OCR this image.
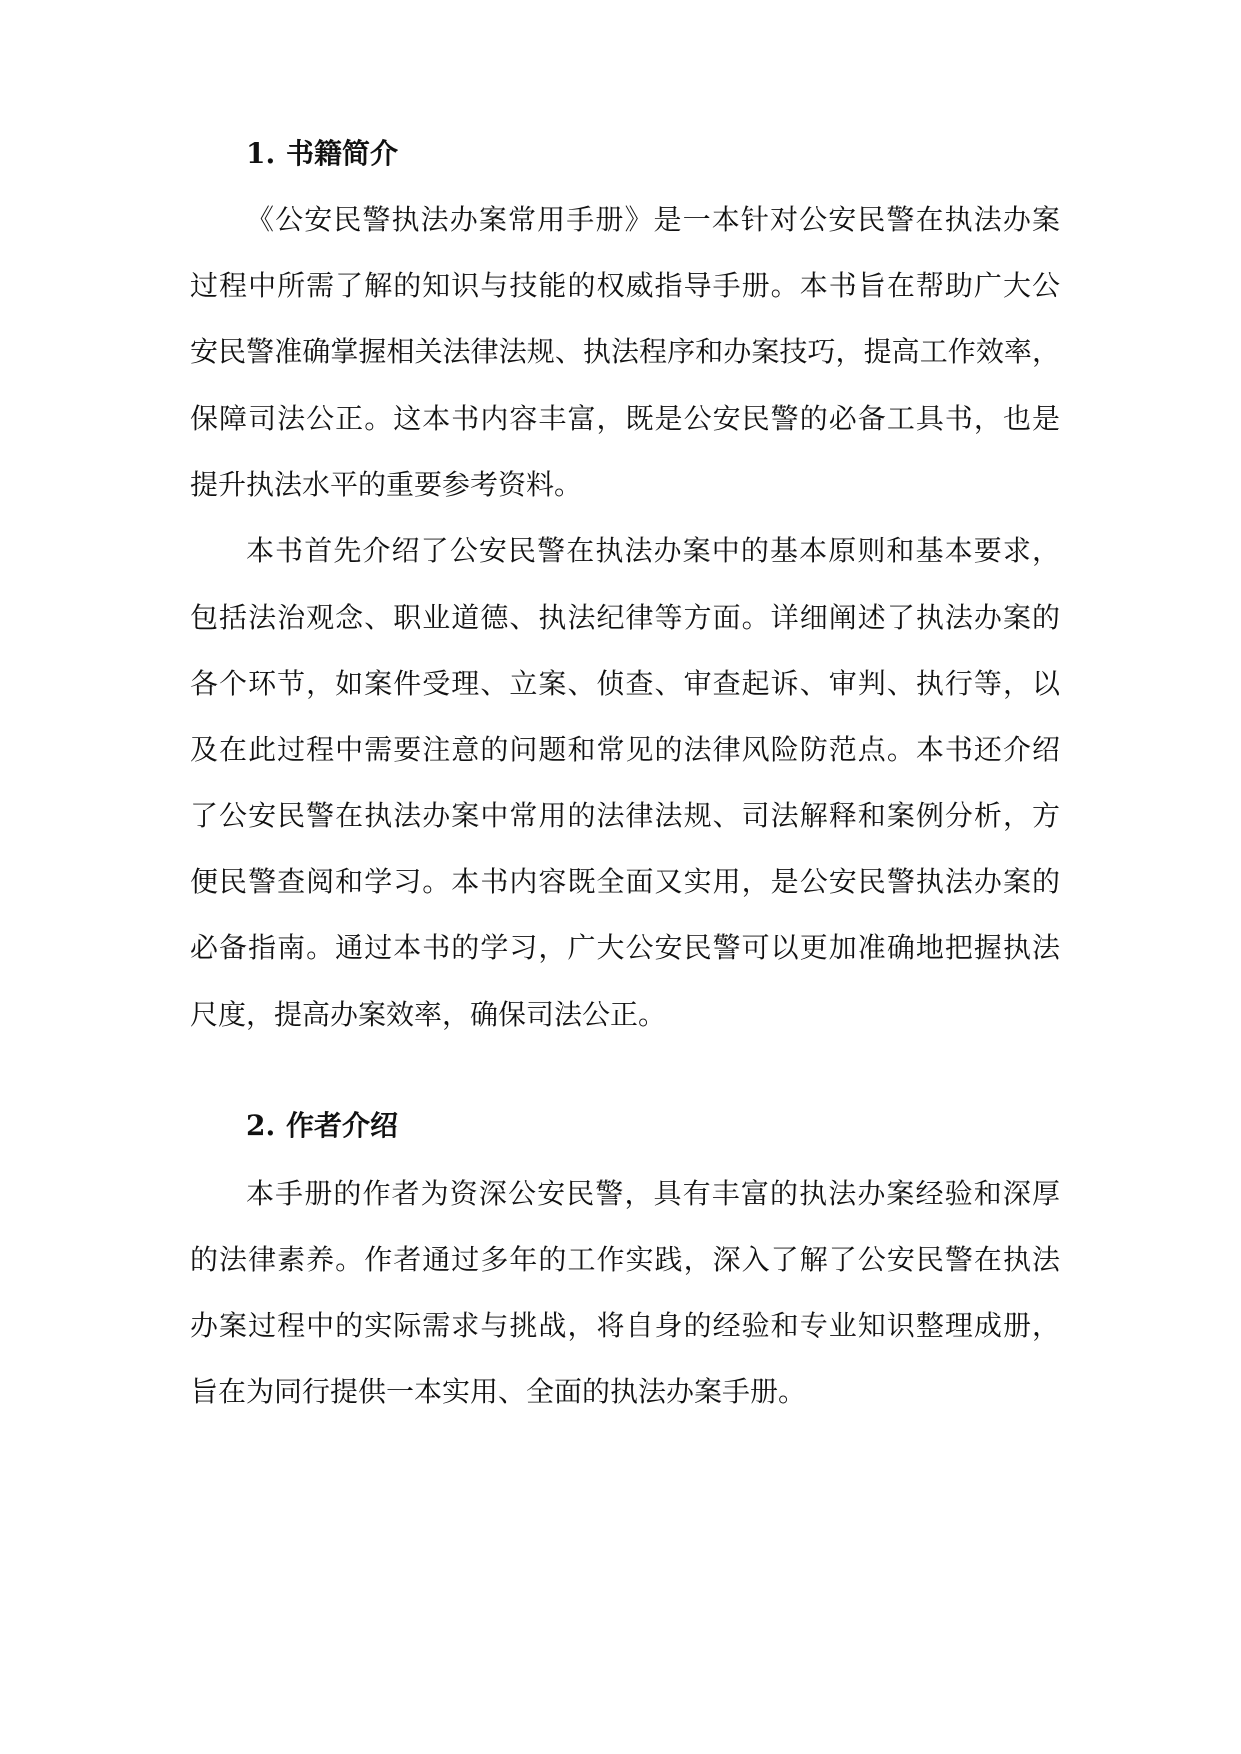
1. 书籍简介
《公安民警执法办案常用手册》是一本针对公安民警在执法办案
过程中所需了解的知识与技能的权威指导手册。本书旨在帮助广大公
安民警准确掌握相关法律法规、执法程序和办案技巧，提高工作效率，
保障司法公正。这本书内容丰富，既是公安民警的必备工具书，也是
提升执法水平的重要参考资料。
本书首先介绍了公安民警在执法办案中的基本原则和基本要求，
包括法治观念、职业道德、执法纪律等方面。详细阐述了执法办案的
各个环节，如案件受理、立案、侦查、审查起诉、审判、执行等，以
及在此过程中需要注意的问题和常见的法律风险防范点。本书还介绍
了公安民警在执法办案中常用的法律法规、司法解释和案例分析，方
便民警查阅和学习。本书内容既全面又实用，是公安民警执法办案的
必备指南。通过本书的学习，广大公安民警可以更加准确地把握执法
尺度，提高办案效率，确保司法公正。
2. 作者介绍
本手册的作者为资深公安民警，具有丰富的执法办案经验和深厚
的法律素养。作者通过多年的工作实践，深入了解了公安民警在执法
办案过程中的实际需求与挑战，将自身的经验和专业知识整理成册，
旨在为同行提供一本实用、全面的执法办案手册。
